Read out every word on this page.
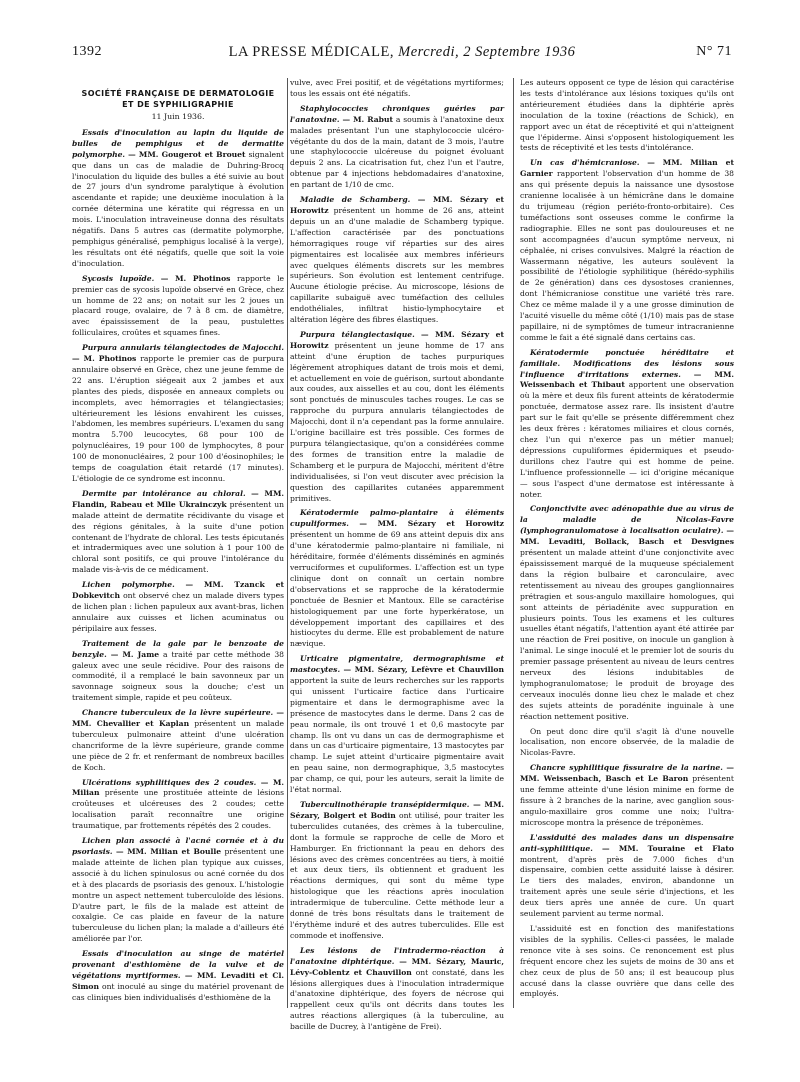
1392	LA PRESSE MÉDICALE, Mercredi, 2 Septembre 1936	N° 71
SOCIÉTÉ FRANÇAISE DE DERMATOLOGIE
ET DE SYPHILIGRAPHIE
11 Juin 1936.

Essais d'inoculation au lapin du liquide de bulles de pemphigus et de dermatite polymorphe. — MM. Gougerot et Brouet signalent que dans un cas de maladie de Duhring-Brocq l'inoculation du liquide des bulles a été suivie au bout de 27 jours d'un syndrome paralytique à évolution ascendante et rapide; une deuxième inoculation à la cornée détermina une kératite qui régressa en un mois. L'inoculation intraveineuse donna des résultats négatifs. Dans 5 autres cas (dermatite polymorphe, pemphigus généralisé, pemphigus localisé à la verge), les résultats ont été négatifs, quelle que soit la voie d'inoculation.

Sycosis lupoïde. — M. Photinos rapporte le premier cas de sycosis lupoïde observé en Grèce, chez un homme de 22 ans; on notait sur les 2 joues un placard rouge, ovalaire, de 7 à 8 cm. de diamètre, avec épaississement de la peau, pustulettes folliculaires, croûtes et squames fines.

Purpura annularis télangiectodes de Majocchi. — M. Photinos rapporte le premier cas de purpura annulaire observé en Grèce, chez une jeune femme de 22 ans. L'éruption siégeait aux 2 jambes et aux plantes des pieds, disposée en anneaux complets ou incomplets, avec hémorragies et télangiectasies; ultérieurement les lésions envahirent les cuisses, l'abdomen, les membres supérieurs. L'examen du sang montra 5.700 leucocytes, 68 pour 100 de polynucléaires, 19 pour 100 de lymphocytes, 8 pour 100 de mononucléaires, 2 pour 100 d'éosinophiles; le temps de coagulation était retardé (17 minutes). L'étiologie de ce syndrome est inconnu.

Dermite par intolérance au chloral. — MM. Flandin, Rabeau et Mlle Ukrainczyk présentent un malade atteint de dermatite récidivante du visage et des régions génitales, à la suite d'une potion contenant de l'hydrate de chloral. Les tests épicutanés et intradermiques avec une solution à 1 pour 100 de chloral sont positifs, ce qui prouve l'intolérance du malade vis-à-vis de ce médicament.

Lichen polymorphe. — MM. Tzanck et Dobkevitch ont observé chez un malade divers types de lichen plan : lichen papuleux aux avant-bras, lichen annulaire aux cuisses et lichen acuminatus ou péripilaire aux fesses.

Traitement de la gale par le benzoate de benzyle. — M. Jame a traité par cette méthode 38 galeux avec une seule récidive. Pour des raisons de commodité, il a remplacé le bain savonneux par un savonnage soigneux sous la douche; c'est un traitement simple, rapide et peu coûteux.

Chancre tuberculeux de la lèvre supérieure. — MM. Chevallier et Kaplan présentent un malade tuberculeux pulmonaire atteint d'une ulcération chancriforme de la lèvre supérieure, grande comme une pièce de 2 fr. et renfermant de nombreux bacilles de Koch.

Ulcérations syphilitiques des 2 coudes. — M. Milian présente une prostituée atteinte de lésions croûteuses et ulcéreuses des 2 coudes; cette localisation paraît reconnaître une origine traumatique, par frottements répétés des 2 coudes.

Lichen plan associé à l'acné cornée et à du psoriasis. — MM. Milian et Boulle présentent une malade atteinte de lichen plan typique aux cuisses, associé à du lichen spinulosus ou acné cornée du dos et à des placards de psoriasis des genoux. L'histologie montre un aspect nettement tuberculoïde des lésions. D'autre part, le fils de la malade est atteint de coxalgie. Ce cas plaide en faveur de la nature tuberculeuse du lichen plan; la malade a d'ailleurs été améliorée par l'or.

Essais d'inoculation au singe de matériel provenant d'esthiomène de la vulve et de végétations myrtiformes. — MM. Levaditi et Cl. Simon ont inoculé au singe du matériel provenant de cas cliniques bien individualisés d'esthiomène de la

vulve, avec Frei positif, et de végétations myrtiformes; tous les essais ont été négatifs.

Staphylococcies chroniques guéries par l'anatoxine. — M. Rabut a soumis à l'anatoxine deux malades présentant l'un une staphylococcie ulcéro-végétante du dos de la main, datant de 3 mois, l'autre une staphylococcie ulcéreuse du poignet évoluant depuis 2 ans. La cicatrisation fut, chez l'un et l'autre, obtenue par 4 injections hebdomadaires d'anatoxine, en partant de 1/10 de cmc.

Maladie de Schamberg. — MM. Sézary et Horowitz présentent un homme de 26 ans, atteint depuis un an d'une maladie de Schamberg typique. L'affection caractérisée par des ponctuations hémorragiques rouge vif réparties sur des aires pigmentaires est localisée aux membres inférieurs avec quelques éléments discrets sur les membres supérieurs. Son évolution est lentement centrifuge. Aucune étiologie précise. Au microscope, lésions de capillarite subaiguë avec tuméfaction des cellules endothéliales, infiltrat histio-lymphocytaire et altération légère des fibres élastiques.

Purpura télangiectasique. — MM. Sézary et Horowitz présentent un jeune homme de 17 ans atteint d'une éruption de taches purpuriques légèrement atrophiques datant de trois mois et demi, et actuellement en voie de guérison, surtout abondante aux coudes, aux aisselles et au cou, dont les éléments sont ponctués de minuscules taches rouges. Le cas se rapproche du purpura annularis télangiectodes de Majocchi, dont il n'a cependant pas la forme annulaire. L'origine bacillaire est très possible. Ces formes de purpura télangiectasique, qu'on a considérées comme des formes de transition entre la maladie de Schamberg et le purpura de Majocchi, méritent d'être individualisées, si l'on veut discuter avec précision la question des capillarites cutanées apparemment primitives.

Kératodermie palmo-plantaire à éléments cupuliformes. — MM. Sézary et Horowitz présentent un homme de 69 ans atteint depuis dix ans d'une kératodermie palmo-plantaire ni familiale, ni héréditaire, formée d'éléments disséminés en agminés verruciformes et cupuliformes. L'affection est un type clinique dont on connaît un certain nombre d'observations et se rapproche de la kératodermie ponctuée de Besnier et Mantoux. Elle se caractérise histologiquement par une forte hyperkératose, un développement important des capillaires et des histiocytes du derme. Elle est probablement de nature nævique.

Urticaire pigmentaire, dermographisme et mastocytes. — MM. Sézary, Lefèvre et Chauvillon apportent la suite de leurs recherches sur les rapports qui unissent l'urticaire factice dans l'urticaire pigmentaire et dans le dermographisme avec la présence de mastocytes dans le derme. Dans 2 cas de peau normale, ils ont trouvé 1 et 0,6 mastocyte par champ. Ils ont vu dans un cas de dermographisme et dans un cas d'urticaire pigmentaire, 13 mastocytes par champ. Le sujet atteint d'urticaire pigmentaire avait en peau saine, non dermographique, 3,5 mastocytes par champ, ce qui, pour les auteurs, serait la limite de l'état normal.

Tuberculinothérapie transépidermique. — MM. Sézary, Bolgert et Bodin ont utilisé, pour traiter les tuberculides cutanées, des crèmes à la tuberculine, dont la formule se rapproche de celle de Moro et Hamburger. En frictionnant la peau en dehors des lésions avec des crèmes concentrées au tiers, à moitié et aux deux tiers, ils obtiennent et graduent les réactions dermiques, qui sont du même type histologique que les réactions après inoculation intradermique de tuberculine. Cette méthode leur a donné de très bons résultats dans le traitement de l'érythème induré et des autres tuberculides. Elle est commode et inoffensive.

Les lésions de l'intradermo-réaction à l'anatoxine diphtérique. — MM. Sézary, Mauric, Lévy-Coblentz et Chauvillon ont constaté, dans les lésions allergiques dues à l'inoculation intradermique d'anatoxine diphtérique, des foyers de nécrose qui rappellent ceux qu'ils ont décrits dans toutes les autres réactions allergiques (à la tuberculine, au bacille de Ducrey, à l'antigène de Frei).

Les auteurs opposent ce type de lésion qui caractérise les tests d'intolérance aux lésions toxiques qu'ils ont antérieurement étudiées dans la diphtérie après inoculation de la toxine (réactions de Schick), en rapport avec un état de réceptivité et qui n'atteignent que l'épiderme. Ainsi s'opposent histologiquement les tests de réceptivité et les tests d'intolérance.

Un cas d'hémicraniose. — MM. Milian et Garnier rapportent l'observation d'un homme de 38 ans qui présente depuis la naissance une dysostose cranienne localisée à un hémicrâne dans le domaine du trijumeau (région periéto-fronto-orbitaire). Ces tuméfactions sont osseuses comme le confirme la radiographie. Elles ne sont pas douloureuses et ne sont accompagnées d'aucun symptôme nerveux, ni céphalée, ni crises convulsives. Malgré la réaction de Wassermann négative, les auteurs soulèvent la possibilité de l'étiologie syphilitique (hérédo-syphilis de 2e génération) dans ces dysostoses craniennes, dont l'hémicraniose constitue une variété très rare. Chez ce même malade il y a une grosse diminution de l'acuité visuelle du même côté (1/10) mais pas de stase papillaire, ni de symptômes de tumeur intracranienne comme le fait a été signalé dans certains cas.

Kératodermie ponctuée héréditaire et familiale. Modifications des lésions sous l'influence d'irritations externes. — MM. Weissenbach et Thibaut apportent une observation où la mère et deux fils furent atteints de kératodermie ponctuée, dermatose assez rare. Ils insistent d'autre part sur le fait qu'elle se présente différemment chez les deux frères : kératomes miliaires et clous cornés, chez l'un qui n'exerce pas un métier manuel; dépressions cupuliformes épidermiques et pseudo-durillons chez l'autre qui est homme de peine. L'influence professionnelle — ici d'origine mécanique — sous l'aspect d'une dermatose est intéressante à noter.

Conjonctivite avec adénopathie due au virus de la maladie de Nicolas-Favre (lymphogranulomatose à localisation oculaire). — MM. Levaditi, Bollack, Basch et Desvignes présentent un malade atteint d'une conjonctivite avec épaississement marqué de la muqueuse spécialement dans la région bulbaire et caronculaire, avec retentissement au niveau des groupes ganglionnaires prétragien et sous-angulo maxillaire homologues, qui sont atteints de périadénite avec suppuration en plusieurs points. Tous les examens et les cultures usuelles étant négatifs, l'attention ayant été attirée par une réaction de Frei positive, on inocule un ganglion à l'animal. Le singe inoculé et le premier lot de souris du premier passage présentent au niveau de leurs centres nerveux des lésions indubitables de lymphogranulomatose; le produit de broyage des cerveaux inoculés donne lieu chez le malade et chez des sujets atteints de poradénite inguinale à une réaction nettement positive.

On peut donc dire qu'il s'agit là d'une nouvelle localisation, non encore observée, de la maladie de Nicolas-Favre.

Chancre syphilitique fissuraire de la narine. — MM. Weissenbach, Basch et Le Baron présentent une femme atteinte d'une lésion minime en forme de fissure à 2 branches de la narine, avec ganglion sous-angulo-maxillaire gros comme une noix; l'ultra-microscope montra la présence de tréponèmes.

L'assiduité des malades dans un dispensaire anti-syphilitique. — MM. Touraine et Flato montrent, d'après près de 7.000 fiches d'un dispensaire, combien cette assiduité laisse à désirer. Le tiers des malades, environ, abandonne un traitement après une seule série d'injections, et les deux tiers après une année de cure. Un quart seulement parvient au terme normal.

L'assiduité est en fonction des manifestations visibles de la syphilis. Celles-ci passées, le malade renonce vite à ses soins. Ce renoncement est plus fréquent encore chez les sujets de moins de 30 ans et chez ceux de plus de 50 ans; il est beaucoup plus accusé dans la classe ouvrière que dans celle des employés.
